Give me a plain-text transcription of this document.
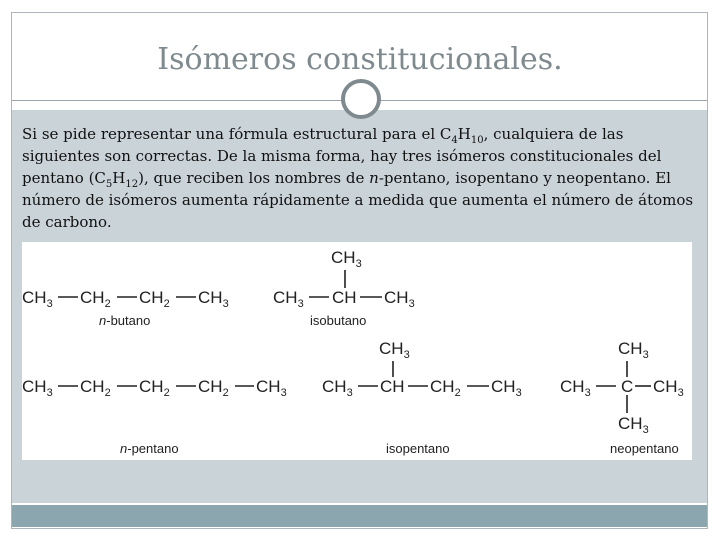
Isómeros constitucionales.
Si se pide representar una fórmula estructural para el $C_4H_{10}$, cualquiera de las siguientes son correctas. De la misma forma, hay tres isómeros constitucionales del pentano $(C_5H_{12})$, que reciben los nombres de n-pentano, isopentano y neopentano. El número de isómeros aumenta rápidamente a medida que aumenta el número de átomos de carbono.
$CH_3$ $CH_2$ $CH_2$ $CH_3$
n-butano
$CH_3$
$CH_3$ CH $CH_3$
isobutano
$CH_3$ $CH_2$ $CH_2$ $CH_2$ $CH_3$
n-pentano
$CH_3$
$CH_3$ CH $CH_2$ $CH_3$
isopentano
$CH_3$
$CH_3$ C $CH_3$
$CH_3$
neopentano
